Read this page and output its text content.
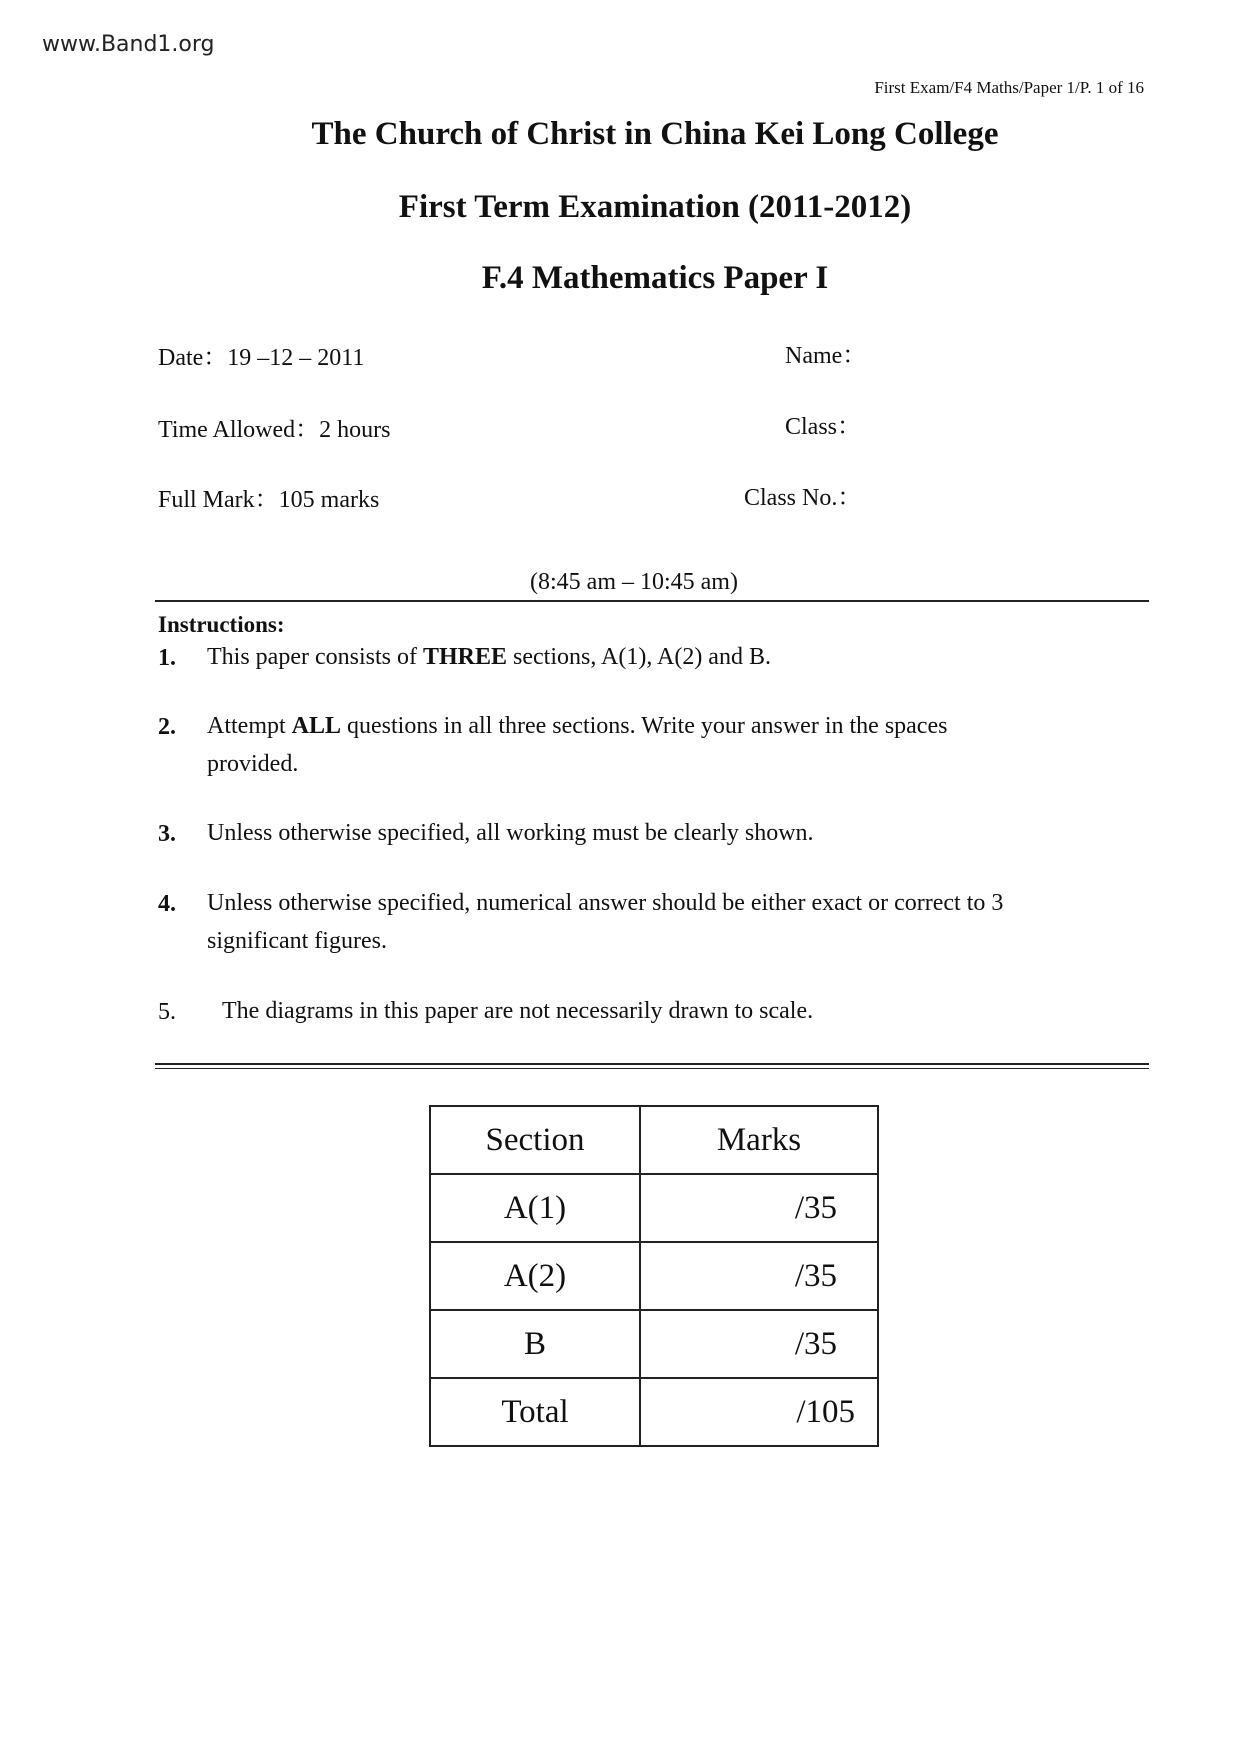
www.Band1.org
First Exam/F4 Maths/Paper 1/P. 1 of 16
The Church of Christ in China Kei Long College
First Term Examination (2011-2012)
F.4 Mathematics Paper I
Date：19 –12 – 2011
Time Allowed：2 hours
Full Mark：105 marks
Name：
Class：
Class No.：
(8:45 am – 10:45 am)
Instructions:
1. This paper consists of THREE sections, A(1), A(2) and B.
2. Attempt ALL questions in all three sections. Write your answer in the spaces
provided.
3. Unless otherwise specified, all working must be clearly shown.
4. Unless otherwise specified, numerical answer should be either exact or correct to 3
significant figures.
5. The diagrams in this paper are not necessarily drawn to scale.
Section	Marks
A(1)	/35
A(2)	/35
B	/35
Total	/105
